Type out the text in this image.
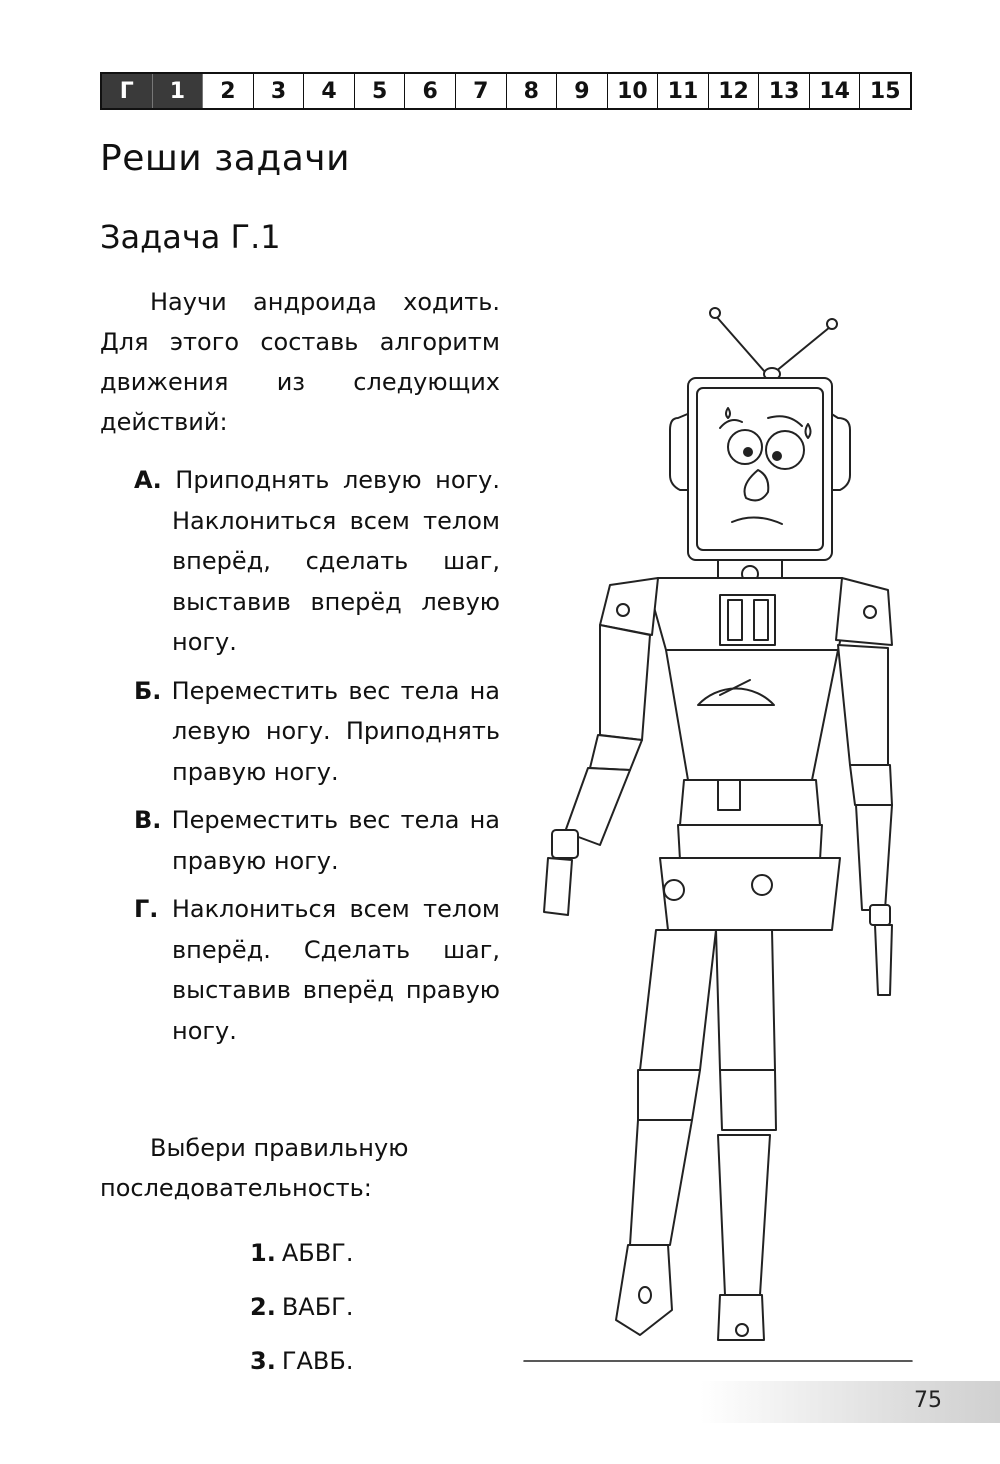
Г	1	2	3	4	5	6	7	8	9	10 11 12 13 14 15
Реши задачи
Задача Г.1

Научи андроида ходить. Для этого составь алгоритм движения из следующих действий:

А. Приподнять левую ногу. Наклониться всем телом вперёд, сделать шаг, выставив вперёд левую ногу.
Б. Переместить вес тела на левую ногу. Приподнять правую ногу.
В. Переместить вес тела на правую ногу.
Г. Наклониться всем телом вперёд. Сделать шаг, выставив вперёд правую ногу.

Выбери правильную последовательность:

1. АБВГ.
2. ВАБГ.
3. ГАВБ.
75
